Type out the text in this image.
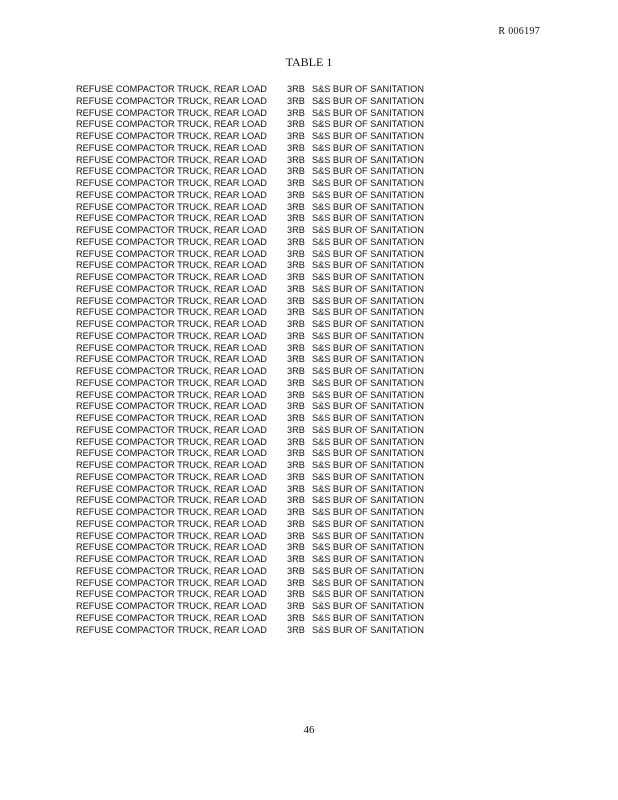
R 006197
TABLE 1
REFUSE COMPACTOR TRUCK, REAR LOAD 3RB S&S BUR OF SANITATION
REFUSE COMPACTOR TRUCK, REAR LOAD 3RB S&S BUR OF SANITATION
REFUSE COMPACTOR TRUCK, REAR LOAD 3RB S&S BUR OF SANITATION
REFUSE COMPACTOR TRUCK, REAR LOAD 3RB S&S BUR OF SANITATION
REFUSE COMPACTOR TRUCK, REAR LOAD 3RB S&S BUR OF SANITATION
REFUSE COMPACTOR TRUCK, REAR LOAD 3RB S&S BUR OF SANITATION
REFUSE COMPACTOR TRUCK, REAR LOAD 3RB S&S BUR OF SANITATION
REFUSE COMPACTOR TRUCK, REAR LOAD 3RB S&S BUR OF SANITATION
REFUSE COMPACTOR TRUCK, REAR LOAD 3RB S&S BUR OF SANITATION
REFUSE COMPACTOR TRUCK, REAR LOAD 3RB S&S BUR OF SANITATION
REFUSE COMPACTOR TRUCK, REAR LOAD 3RB S&S BUR OF SANITATION
REFUSE COMPACTOR TRUCK, REAR LOAD 3RB S&S BUR OF SANITATION
REFUSE COMPACTOR TRUCK, REAR LOAD 3RB S&S BUR OF SANITATION
REFUSE COMPACTOR TRUCK, REAR LOAD 3RB S&S BUR OF SANITATION
REFUSE COMPACTOR TRUCK, REAR LOAD 3RB S&S BUR OF SANITATION
REFUSE COMPACTOR TRUCK, REAR LOAD 3RB S&S BUR OF SANITATION
REFUSE COMPACTOR TRUCK, REAR LOAD 3RB S&S BUR OF SANITATION
REFUSE COMPACTOR TRUCK, REAR LOAD 3RB S&S BUR OF SANITATION
REFUSE COMPACTOR TRUCK, REAR LOAD 3RB S&S BUR OF SANITATION
REFUSE COMPACTOR TRUCK, REAR LOAD 3RB S&S BUR OF SANITATION
REFUSE COMPACTOR TRUCK, REAR LOAD 3RB S&S BUR OF SANITATION
REFUSE COMPACTOR TRUCK, REAR LOAD 3RB S&S BUR OF SANITATION
REFUSE COMPACTOR TRUCK, REAR LOAD 3RB S&S BUR OF SANITATION
REFUSE COMPACTOR TRUCK, REAR LOAD 3RB S&S BUR OF SANITATION
REFUSE COMPACTOR TRUCK, REAR LOAD 3RB S&S BUR OF SANITATION
REFUSE COMPACTOR TRUCK, REAR LOAD 3RB S&S BUR OF SANITATION
REFUSE COMPACTOR TRUCK, REAR LOAD 3RB S&S BUR OF SANITATION
REFUSE COMPACTOR TRUCK, REAR LOAD 3RB S&S BUR OF SANITATION
REFUSE COMPACTOR TRUCK, REAR LOAD 3RB S&S BUR OF SANITATION
REFUSE COMPACTOR TRUCK, REAR LOAD 3RB S&S BUR OF SANITATION
REFUSE COMPACTOR TRUCK, REAR LOAD 3RB S&S BUR OF SANITATION
REFUSE COMPACTOR TRUCK, REAR LOAD 3RB S&S BUR OF SANITATION
REFUSE COMPACTOR TRUCK, REAR LOAD 3RB S&S BUR OF SANITATION
REFUSE COMPACTOR TRUCK, REAR LOAD 3RB S&S BUR OF SANITATION
REFUSE COMPACTOR TRUCK, REAR LOAD 3RB S&S BUR OF SANITATION
REFUSE COMPACTOR TRUCK, REAR LOAD 3RB S&S BUR OF SANITATION
REFUSE COMPACTOR TRUCK, REAR LOAD 3RB S&S BUR OF SANITATION
REFUSE COMPACTOR TRUCK, REAR LOAD 3RB S&S BUR OF SANITATION
REFUSE COMPACTOR TRUCK, REAR LOAD 3RB S&S BUR OF SANITATION
REFUSE COMPACTOR TRUCK, REAR LOAD 3RB S&S BUR OF SANITATION
REFUSE COMPACTOR TRUCK, REAR LOAD 3RB S&S BUR OF SANITATION
REFUSE COMPACTOR TRUCK, REAR LOAD 3RB S&S BUR OF SANITATION
REFUSE COMPACTOR TRUCK, REAR LOAD 3RB S&S BUR OF SANITATION
REFUSE COMPACTOR TRUCK, REAR LOAD 3RB S&S BUR OF SANITATION
REFUSE COMPACTOR TRUCK, REAR LOAD 3RB S&S BUR OF SANITATION
REFUSE COMPACTOR TRUCK, REAR LOAD 3RB S&S BUR OF SANITATION
REFUSE COMPACTOR TRUCK, REAR LOAD 3RB S&S BUR OF SANITATION
46
